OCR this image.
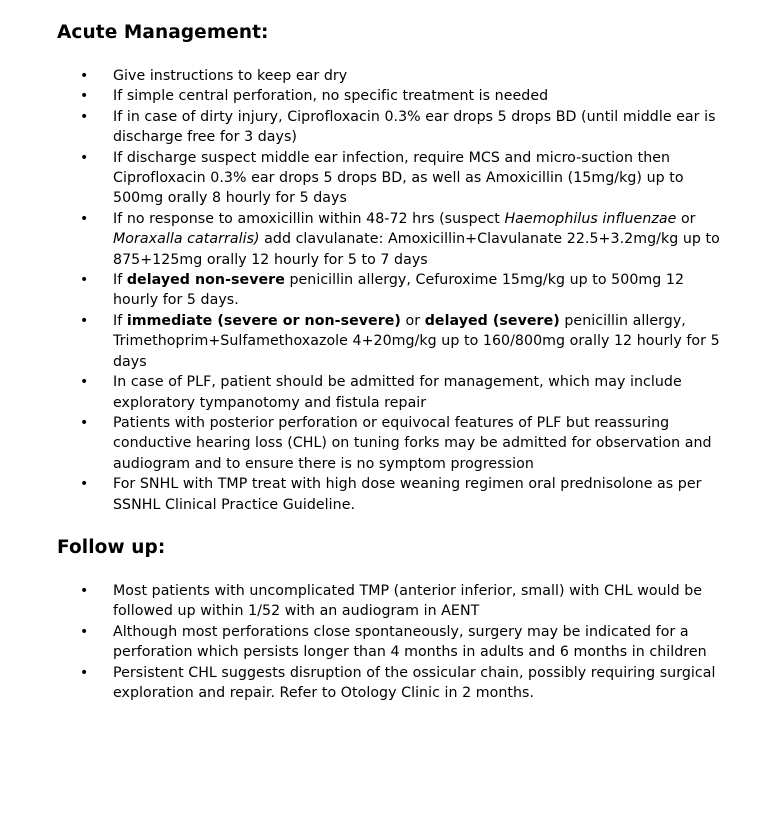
Acute Management:
• Give instructions to keep ear dry
• If simple central perforation, no specific treatment is needed
• If in case of dirty injury, Ciprofloxacin 0.3% ear drops 5 drops BD (until middle ear is discharge free for 3 days)
• If discharge suspect middle ear infection, require MCS and micro-suction then Ciprofloxacin 0.3% ear drops 5 drops BD, as well as Amoxicillin (15mg/kg) up to 500mg orally 8 hourly for 5 days
• If no response to amoxicillin within 48-72 hrs (suspect Haemophilus influenzae or Moraxalla catarralis) add clavulanate: Amoxicillin+Clavulanate 22.5+3.2mg/kg up to 875+125mg orally 12 hourly for 5 to 7 days
• If delayed non-severe penicillin allergy, Cefuroxime 15mg/kg up to 500mg 12 hourly for 5 days.
• If immediate (severe or non-severe) or delayed (severe) penicillin allergy, Trimethoprim+Sulfamethoxazole 4+20mg/kg up to 160/800mg orally 12 hourly for 5 days
• In case of PLF, patient should be admitted for management, which may include exploratory tympanotomy and fistula repair
• Patients with posterior perforation or equivocal features of PLF but reassuring conductive hearing loss (CHL) on tuning forks may be admitted for observation and audiogram and to ensure there is no symptom progression
• For SNHL with TMP treat with high dose weaning regimen oral prednisolone as per SSNHL Clinical Practice Guideline.
Follow up:
• Most patients with uncomplicated TMP (anterior inferior, small) with CHL would be followed up within 1/52 with an audiogram in AENT
• Although most perforations close spontaneously, surgery may be indicated for a perforation which persists longer than 4 months in adults and 6 months in children
• Persistent CHL suggests disruption of the ossicular chain, possibly requiring surgical exploration and repair. Refer to Otology Clinic in 2 months.
